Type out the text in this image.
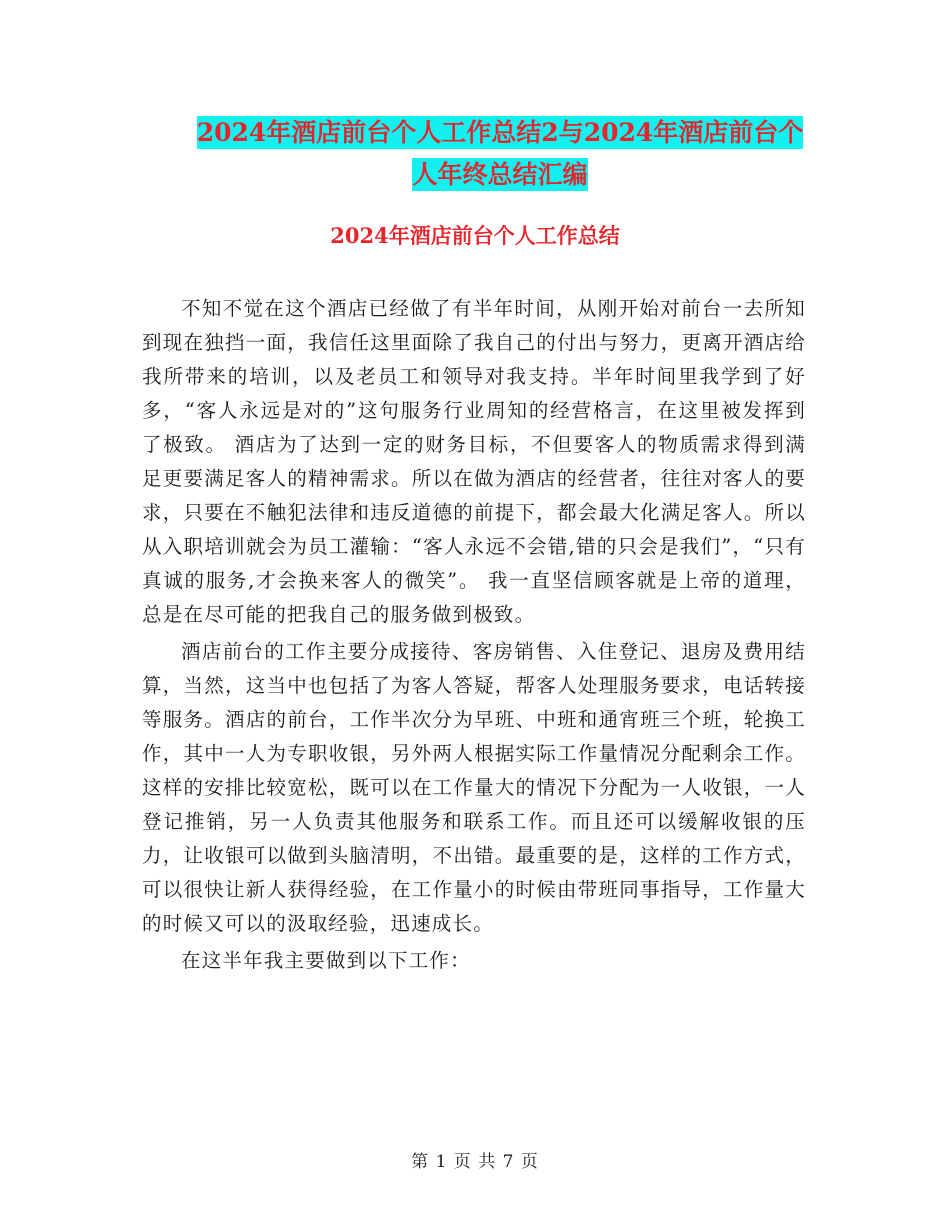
2024年酒店前台个人工作总结2与2024年酒店前台个
人年终总结汇编
2024年酒店前台个人工作总结

不知不觉在这个酒店已经做了有半年时间，从刚开始对前台一去所知到现在独挡一面，我信任这里面除了我自己的付出与努力，更离开酒店给我所带来的培训，以及老员工和领导对我支持。半年时间里我学到了好多，“客人永远是对的”这句服务行业周知的经营格言，在这里被发挥到了极致。 酒店为了达到一定的财务目标，不但要客人的物质需求得到满足更要满足客人的精神需求。所以在做为酒店的经营者，往往对客人的要求，只要在不触犯法律和违反道德的前提下，都会最大化满足客人。所以从入职培训就会为员工灌输：“客人永远不会错,错的只会是我们”，“只有真诚的服务,才会换来客人的微笑”。 我一直坚信顾客就是上帝的道理，总是在尽可能的把我自己的服务做到极致。

酒店前台的工作主要分成接待、客房销售、入住登记、退房及费用结算，当然，这当中也包括了为客人答疑，帮客人处理服务要求，电话转接等服务。酒店的前台，工作半次分为早班、中班和通宵班三个班，轮换工作，其中一人为专职收银，另外两人根据实际工作量情况分配剩余工作。这样的安排比较宽松，既可以在工作量大的情况下分配为一人收银，一人登记推销，另一人负责其他服务和联系工作。而且还可以缓解收银的压力，让收银可以做到头脑清明，不出错。最重要的是，这样的工作方式，可以很快让新人获得经验，在工作量小的时候由带班同事指导，工作量大的时候又可以的汲取经验，迅速成长。

在这半年我主要做到以下工作：

第 1 页 共 7 页
